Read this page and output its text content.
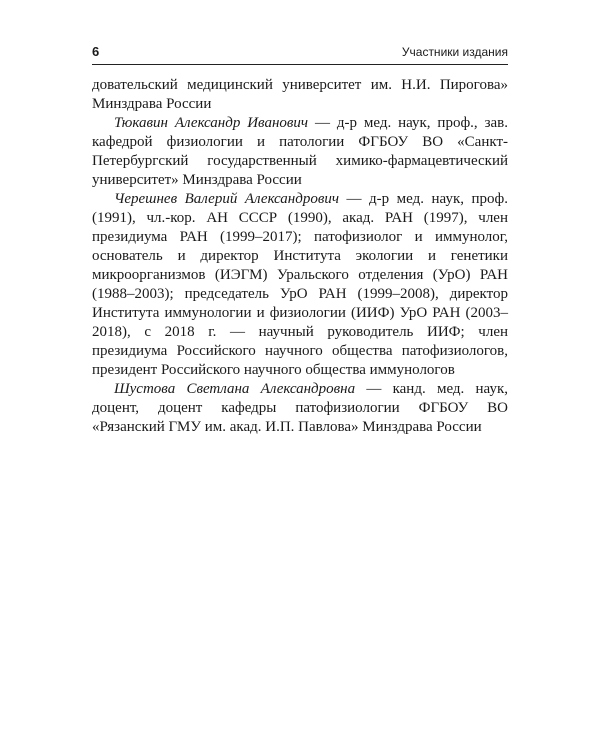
6	Участники издания

довательский медицинский университет им. Н.И. Пирогова» Минздрава России

Тюкавин Александр Иванович — д-р мед. наук, проф., зав. кафедрой физиологии и патологии ФГБОУ ВО «Санкт-Петербургский государственный химико-фармацевтический университет» Минздрава России

Черешнев Валерий Александрович — д-р мед. наук, проф. (1991), чл.-кор. АН СССР (1990), акад. РАН (1997), член президиума РАН (1999–2017); патофизиолог и иммунолог, основатель и директор Института экологии и генетики микроорганизмов (ИЭГМ) Уральского отделения (УрО) РАН (1988–2003); председатель УрО РАН (1999–2008), директор Института иммунологии и физиологии (ИИФ) УрО РАН (2003–2018), с 2018 г. — научный руководитель ИИФ; член президиума Российского научного общества патофизиологов, президент Российского научного общества иммунологов

Шустова Светлана Александровна — канд. мед. наук, доцент, доцент кафедры патофизиологии ФГБОУ ВО «Рязанский ГМУ им. акад. И.П. Павлова» Минздрава России
